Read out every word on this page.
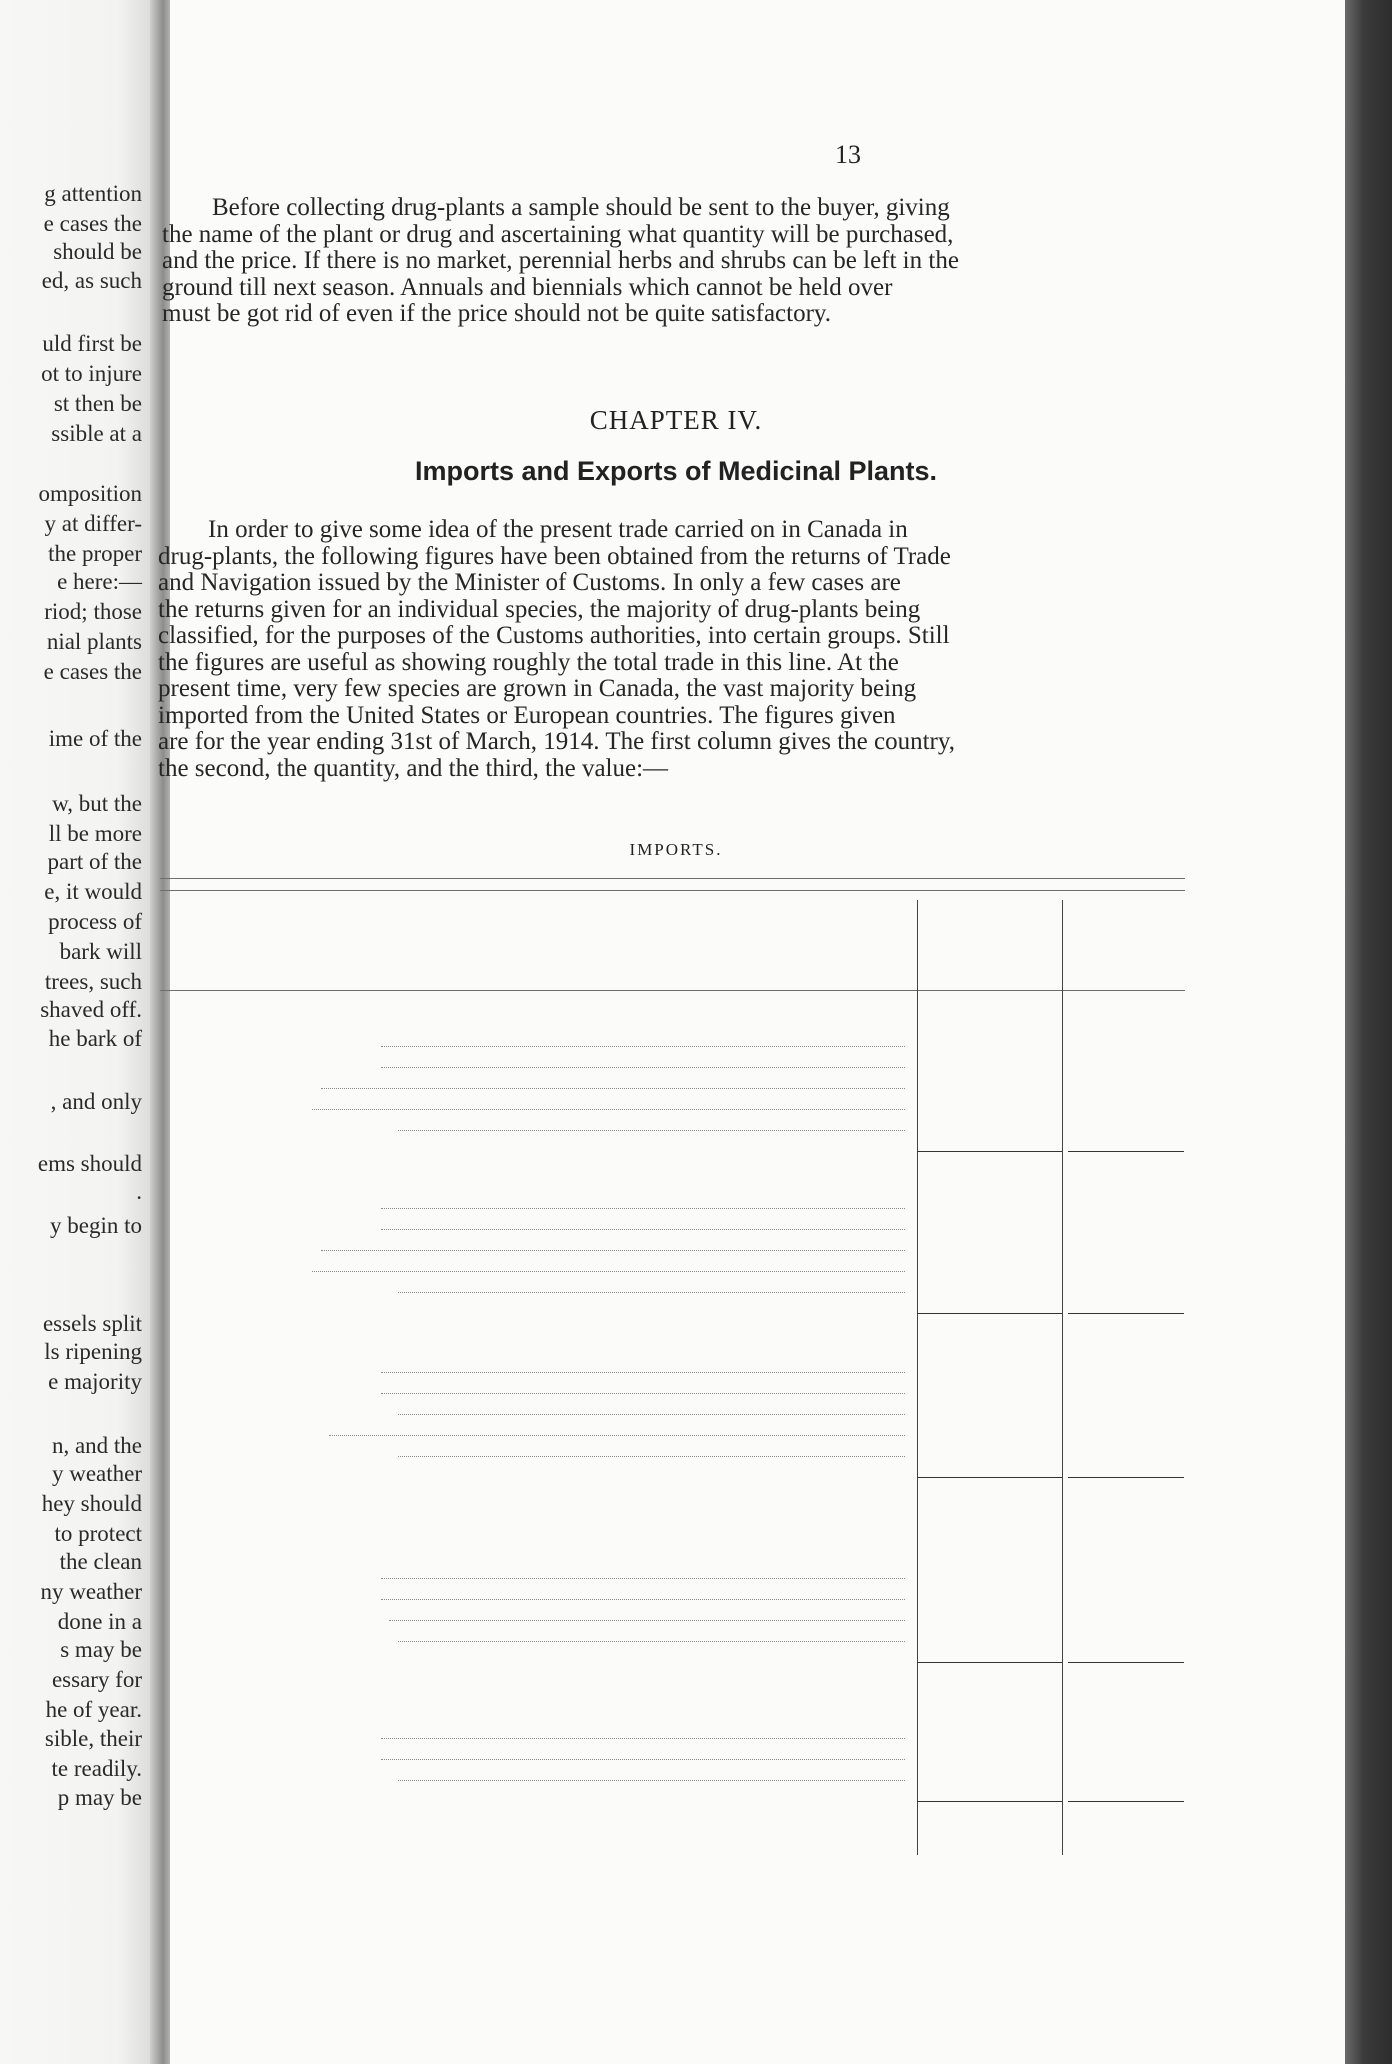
g attention
e cases the
should be
ed, as such
uld first be
ot to injure
st then be
ssible at a
omposition
y at differ-
the proper
e here:—
riod; those
nial plants
e cases the
ime of the
w, but the
ll be more
part of the
e, it would
process of
bark will
trees, such
shaved off.
he bark of
, and only
ems should
.
y begin to
essels split
ls ripening
e majority
n, and the
y weather
hey should
to protect
the clean
ny weather
done in a
s may be
essary for
he of year.
sible, their
te readily.
p may be
13
Before collecting drug-plants a sample should be sent to the buyer, giving
the name of the plant or drug and ascertaining what quantity will be purchased,
and the price. If there is no market, perennial herbs and shrubs can be left in the
ground till next season. Annuals and biennials which cannot be held over
must be got rid of even if the price should not be quite satisfactory.
CHAPTER IV.
Imports and Exports of Medicinal Plants.
In order to give some idea of the present trade carried on in Canada in
drug-plants, the following figures have been obtained from the returns of Trade
and Navigation issued by the Minister of Customs. In only a few cases are
the returns given for an individual species, the majority of drug-plants being
classified, for the purposes of the Customs authorities, into certain groups. Still
the figures are useful as showing roughly the total trade in this line. At the
present time, very few species are grown in Canada, the vast majority being
imported from the United States or European countries. The figures given
are for the year ending 31st of March, 1914. The first column gives the country,
the second, the quantity, and the third, the value:—
IMPORTS.
